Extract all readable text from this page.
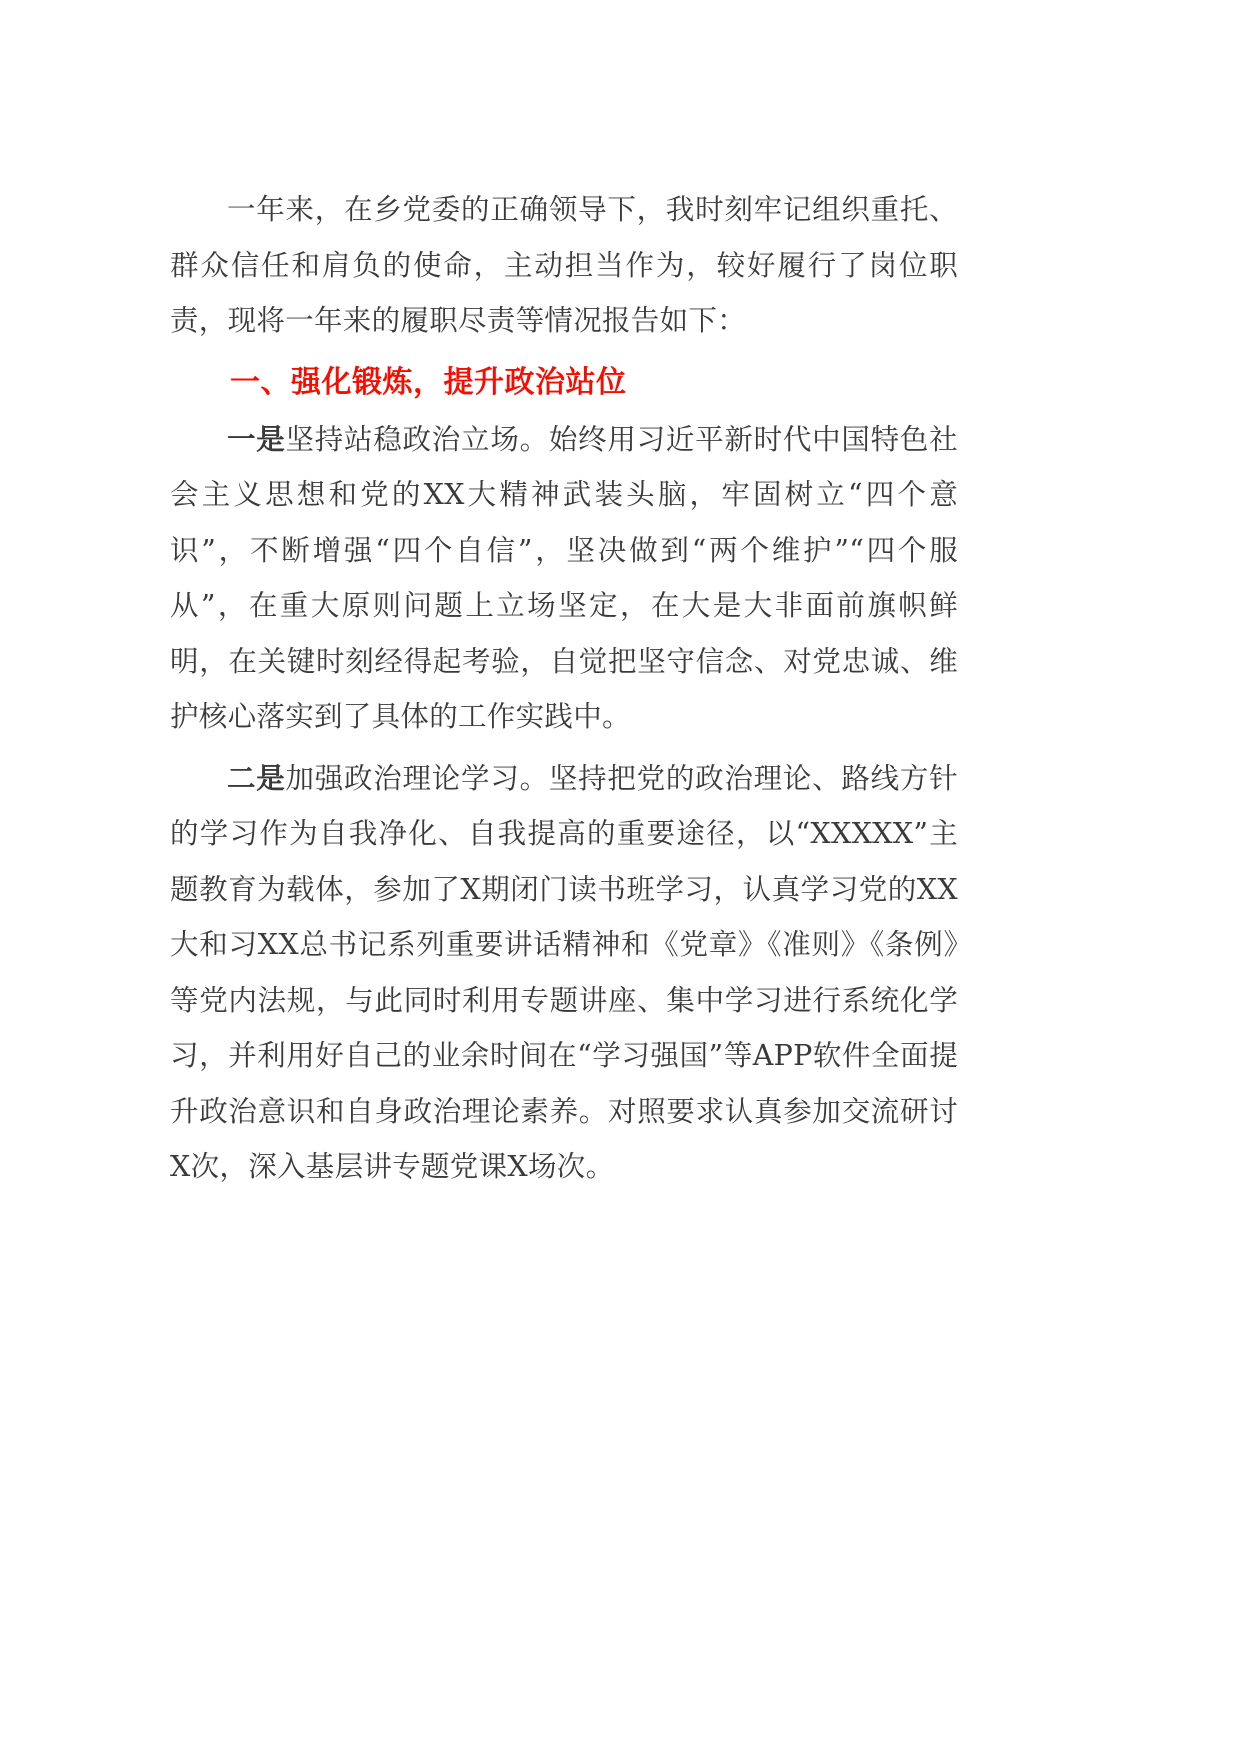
一年来，在乡党委的正确领导下，我时刻牢记组织重托、群众信任和肩负的使命，主动担当作为，较好履行了岗位职责，现将一年来的履职尽责等情况报告如下：

一、强化锻炼，提升政治站位

一是坚持站稳政治立场。始终用习近平新时代中国特色社会主义思想和党的XX大精神武装头脑，牢固树立“四个意识”，不断增强“四个自信”，坚决做到“两个维护”“四个服从”，在重大原则问题上立场坚定，在大是大非面前旗帜鲜明，在关键时刻经得起考验，自觉把坚守信念、对党忠诚、维护核心落实到了具体的工作实践中。

二是加强政治理论学习。坚持把党的政治理论、路线方针的学习作为自我净化、自我提高的重要途径，以“XXXXX”主题教育为载体，参加了X期闭门读书班学习，认真学习党的XX大和习XX总书记系列重要讲话精神和《党章》《准则》《条例》等党内法规，与此同时利用专题讲座、集中学习进行系统化学习，并利用好自己的业余时间在“学习强国”等APP软件全面提升政治意识和自身政治理论素养。对照要求认真参加交流研讨X次，深入基层讲专题党课X场次。
